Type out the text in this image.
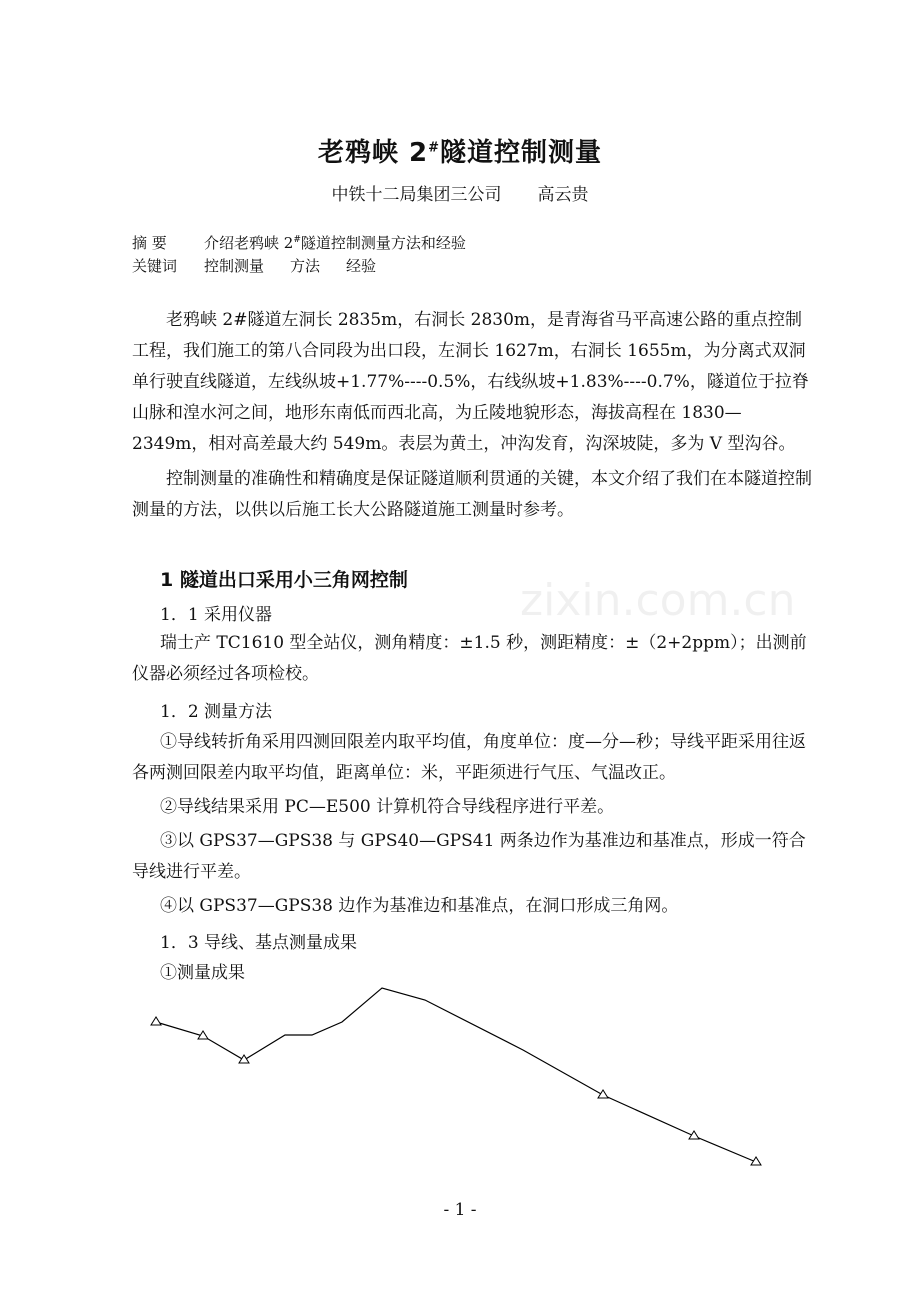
老鸦峡 2#隧道控制测量
中铁十二局集团三公司 高云贵
摘 要 介绍老鸦峡 2#隧道控制测量方法和经验
关键词 控制测量 方法 经验

老鸦峡 2#隧道左洞长 2835m，右洞长 2830m，是青海省马平高速公路的重点控制工程，我们施工的第八合同段为出口段，左洞长 1627m，右洞长 1655m，为分离式双洞单行驶直线隧道，左线纵坡+1.77%----0.5%，右线纵坡+1.83%----0.7%，隧道位于拉脊山脉和湟水河之间，地形东南低而西北高，为丘陵地貌形态，海拔高程在 1830—2349m，相对高差最大约 549m。表层为黄土，冲沟发育，沟深坡陡，多为 V 型沟谷。

控制测量的准确性和精确度是保证隧道顺利贯通的关键，本文介绍了我们在本隧道控制测量的方法，以供以后施工长大公路隧道施工测量时参考。

1 隧道出口采用小三角网控制
1．1 采用仪器

瑞士产 TC1610 型全站仪，测角精度：±1.5 秒，测距精度：±（2+2ppm）；出测前仪器必须经过各项检校。

1．2 测量方法

①导线转折角采用四测回限差内取平均值，角度单位：度—分—秒；导线平距采用往返各两测回限差内取平均值，距离单位：米，平距须进行气压、气温改正。

②导线结果采用 PC—E500 计算机符合导线程序进行平差。

③以 GPS37—GPS38 与 GPS40—GPS41 两条边作为基准边和基准点，形成一符合导线进行平差。

④以 GPS37—GPS38 边作为基准边和基准点，在洞口形成三角网。

1．3 导线、基点测量成果
①测量成果
zixin.com.cn
- 1 -
